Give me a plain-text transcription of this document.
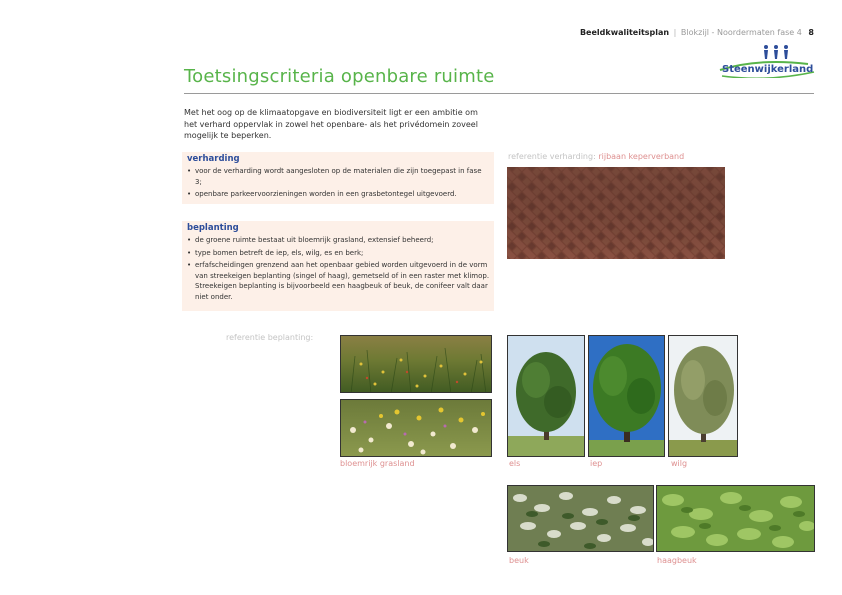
Beeldkwaliteitsplan | Blokzijl - Noordermaten fase 4 8
Steenwijkerland
Toetsingscriteria openbare ruimte
Met het oog op de klimaatopgave en biodiversiteit ligt er een ambitie om het verhard oppervlak in zowel het openbare- als het privédomein zoveel mogelijk te beperken.
verharding
• voor de verharding wordt aangesloten op de materialen die zijn toegepast in fase 3;
• openbare parkeervoorzieningen worden in een grasbetontegel uitgevoerd.
beplanting
• de groene ruimte bestaat uit bloemrijk grasland, extensief beheerd;
• type bomen betreft de iep, els, wilg, es en berk;
• erfafscheidingen grenzend aan het openbaar gebied worden uitgevoerd in de vorm van streekeigen beplanting (singel of haag), gemetseld of in een raster met klimop. Streekeigen beplanting is bijvoorbeeld een haagbeuk of beuk, de conifeer valt daar niet onder.
referentie verharding: rijbaan keperverband
referentie beplanting:
bloemrijk grasland	els	iep	wilg
beuk	haagbeuk
